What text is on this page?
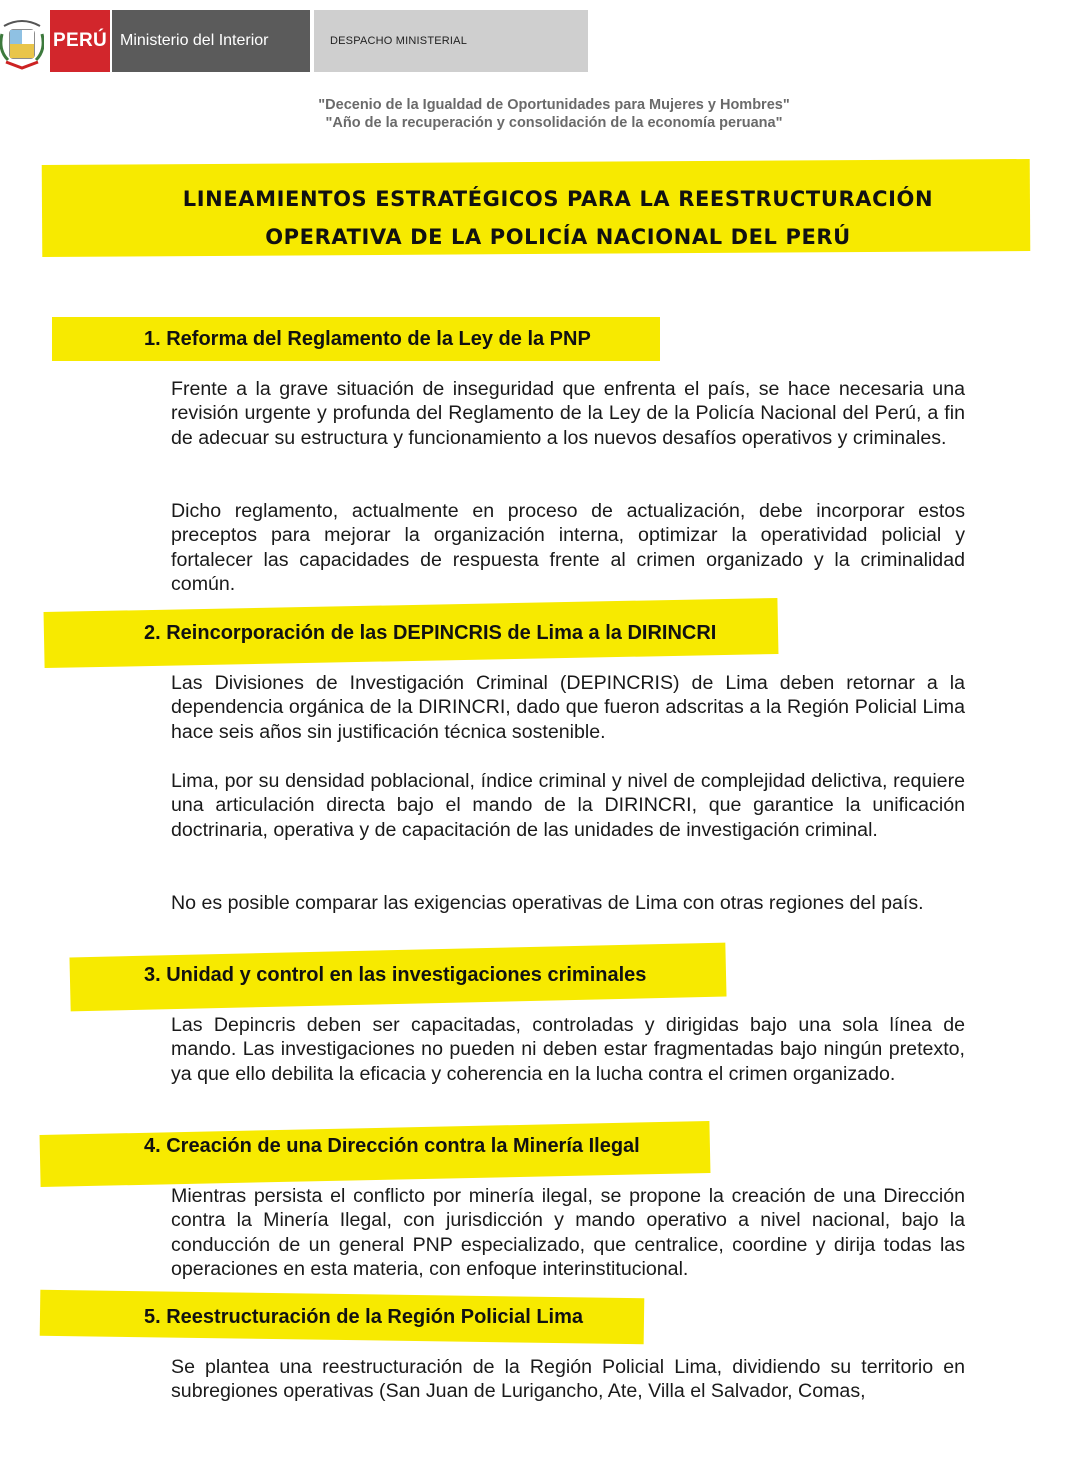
PERÚ Ministerio del Interior	DESPACHO MINISTERIAL
"Decenio de la Igualdad de Oportunidades para Mujeres y Hombres"
"Año de la recuperación y consolidación de la economía peruana"
LINEAMIENTOS ESTRATÉGICOS PARA LA REESTRUCTURACIÓN
OPERATIVA DE LA POLICÍA NACIONAL DEL PERÚ
1. Reforma del Reglamento de la Ley de la PNP
Frente a la grave situación de inseguridad que enfrenta el país, se hace necesaria una revisión urgente y profunda del Reglamento de la Ley de la Policía Nacional del Perú, a fin de adecuar su estructura y funcionamiento a los nuevos desafíos operativos y criminales.
Dicho reglamento, actualmente en proceso de actualización, debe incorporar estos preceptos para mejorar la organización interna, optimizar la operatividad policial y fortalecer las capacidades de respuesta frente al crimen organizado y la criminalidad común.
2. Reincorporación de las DEPINCRIS de Lima a la DIRINCRI
Las Divisiones de Investigación Criminal (DEPINCRIS) de Lima deben retornar a la dependencia orgánica de la DIRINCRI, dado que fueron adscritas a la Región Policial Lima hace seis años sin justificación técnica sostenible.
Lima, por su densidad poblacional, índice criminal y nivel de complejidad delictiva, requiere una articulación directa bajo el mando de la DIRINCRI, que garantice la unificación doctrinaria, operativa y de capacitación de las unidades de investigación criminal.
No es posible comparar las exigencias operativas de Lima con otras regiones del país.
3. Unidad y control en las investigaciones criminales
Las Depincris deben ser capacitadas, controladas y dirigidas bajo una sola línea de mando. Las investigaciones no pueden ni deben estar fragmentadas bajo ningún pretexto, ya que ello debilita la eficacia y coherencia en la lucha contra el crimen organizado.
4. Creación de una Dirección contra la Minería Ilegal
Mientras persista el conflicto por minería ilegal, se propone la creación de una Dirección contra la Minería Ilegal, con jurisdicción y mando operativo a nivel nacional, bajo la conducción de un general PNP especializado, que centralice, coordine y dirija todas las operaciones en esta materia, con enfoque interinstitucional.
5. Reestructuración de la Región Policial Lima
Se plantea una reestructuración de la Región Policial Lima, dividiendo su territorio en subregiones operativas (San Juan de Lurigancho, Ate, Villa el Salvador, Comas,
